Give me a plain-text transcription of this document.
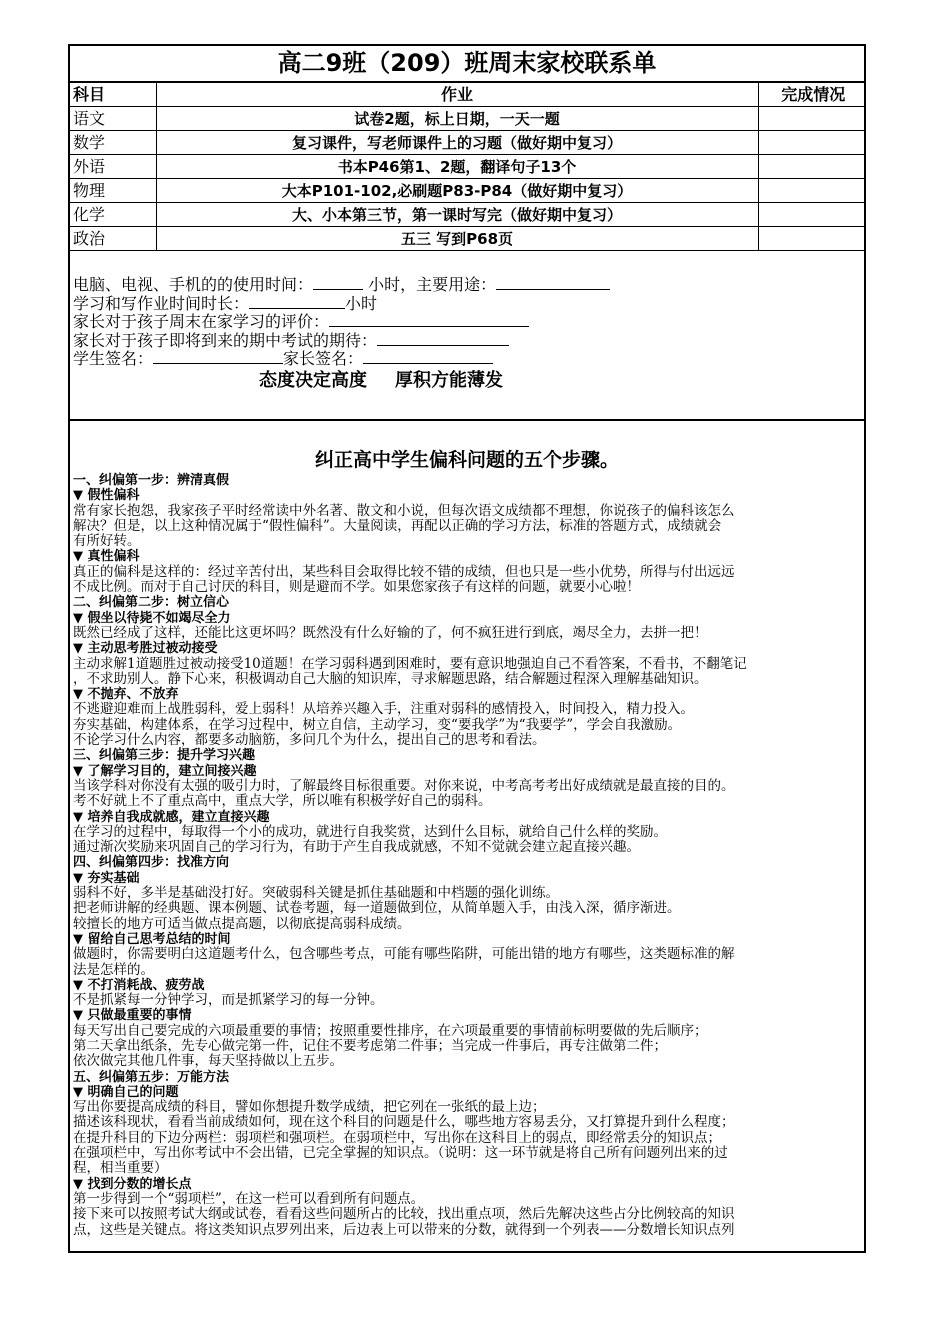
高二9班（209）班周末家校联系单
科目	作业	完成情况
语文	试卷2题，标上日期，一天一题	
数学	复习课件，写老师课件上的习题（做好期中复习）	
外语	书本P46第1、2题，翻译句子13个	
物理	大本P101-102,必刷题P83-P84（做好期中复习）	
化学	大、小本第三节，第一课时写完（做好期中复习）	
政治	五三 写到P68页	
电脑、电视、手机的的使用时间：	小时，主要用途：
学习和写作业时间时长：	小时
家长对于孩子周末在家学习的评价：
家长对于孩子即将到来的期中考试的期待：
学生签名：	家长签名：
态度决定高度 厚积方能薄发
纠正高中学生偏科问题的五个步骤。
一、纠偏第一步：辨清真假
▼ 假性偏科
常有家长抱怨，我家孩子平时经常读中外名著、散文和小说，但每次语文成绩都不理想，你说孩子的偏科该怎么
解决？但是，以上这种情况属于“假性偏科”。大量阅读，再配以正确的学习方法，标准的答题方式，成绩就会
有所好转。
▼ 真性偏科
真正的偏科是这样的：经过辛苦付出，某些科目会取得比较不错的成绩，但也只是一些小优势，所得与付出远远
不成比例。而对于自己讨厌的科目，则是避而不学。如果您家孩子有这样的问题，就要小心啦！
二、纠偏第二步：树立信心
▼ 假坐以待毙不如竭尽全力
既然已经成了这样，还能比这更坏吗？既然没有什么好输的了，何不疯狂进行到底，竭尽全力，去拼一把！
▼ 主动思考胜过被动接受
主动求解1道题胜过被动接受10道题！在学习弱科遇到困难时，要有意识地强迫自己不看答案，不看书，不翻笔记
，不求助别人。静下心来，积极调动自己大脑的知识库，寻求解题思路，结合解题过程深入理解基础知识。
▼ 不抛弃、不放弃
不逃避迎难而上战胜弱科，爱上弱科！从培养兴趣入手，注重对弱科的感情投入，时间投入，精力投入。
夯实基础，构建体系，在学习过程中，树立自信，主动学习，变“要我学”为“我要学”，学会自我激励。
不论学习什么内容，都要多动脑筋，多问几个为什么，提出自己的思考和看法。
三、纠偏第三步：提升学习兴趣
▼ 了解学习目的，建立间接兴趣
当该学科对你没有太强的吸引力时，了解最终目标很重要。对你来说，中考高考考出好成绩就是最直接的目的。
考不好就上不了重点高中，重点大学，所以唯有积极学好自己的弱科。
▼ 培养自我成就感，建立直接兴趣
在学习的过程中，每取得一个小的成功，就进行自我奖赏，达到什么目标，就给自己什么样的奖励。
通过渐次奖励来巩固自己的学习行为，有助于产生自我成就感，不知不觉就会建立起直接兴趣。
四、纠偏第四步：找准方向
▼ 夯实基础
弱科不好，多半是基础没打好。突破弱科关键是抓住基础题和中档题的强化训练。
把老师讲解的经典题、课本例题、试卷考题，每一道题做到位，从简单题入手，由浅入深，循序渐进。
较擅长的地方可适当做点提高题，以彻底提高弱科成绩。
▼ 留给自己思考总结的时间
做题时，你需要明白这道题考什么，包含哪些考点，可能有哪些陷阱，可能出错的地方有哪些，这类题标准的解
法是怎样的。
▼ 不打消耗战、疲劳战
不是抓紧每一分钟学习，而是抓紧学习的每一分钟。
▼ 只做最重要的事情
每天写出自己要完成的六项最重要的事情；按照重要性排序，在六项最重要的事情前标明要做的先后顺序；
第二天拿出纸条，先专心做完第一件，记住不要考虑第二件事；当完成一件事后，再专注做第二件；
依次做完其他几件事，每天坚持做以上五步。
五、纠偏第五步：万能方法
▼ 明确自己的问题
写出你要提高成绩的科目，譬如你想提升数学成绩，把它列在一张纸的最上边；
描述该科现状，看看当前成绩如何，现在这个科目的问题是什么，哪些地方容易丢分，又打算提升到什么程度；
在提升科目的下边分两栏：弱项栏和强项栏。在弱项栏中，写出你在这科目上的弱点，即经常丢分的知识点；
在强项栏中，写出你考试中不会出错，已完全掌握的知识点。（说明：这一环节就是将自己所有问题列出来的过
程，相当重要）
▼ 找到分数的增长点
第一步得到一个“弱项栏”，在这一栏可以看到所有问题点。
接下来可以按照考试大纲或试卷，看看这些问题所占的比较，找出重点项，然后先解决这些占分比例较高的知识
点，这些是关键点。将这类知识点罗列出来，后边表上可以带来的分数，就得到一个列表——分数增长知识点列
